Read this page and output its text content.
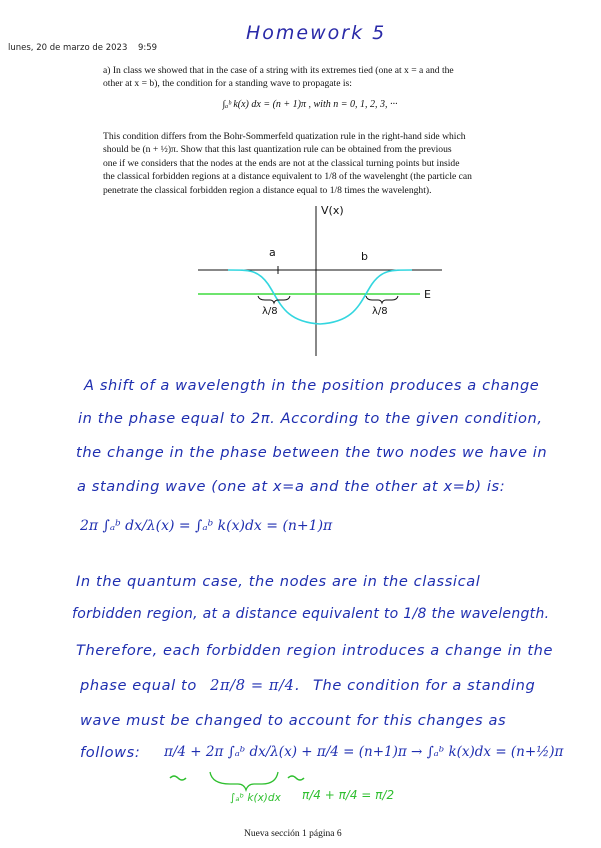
lunes, 20 de marzo de 2023 9:59
Homework 5
a) In class we showed that in the case of a string with its extremes tied (one at x = a and the
other at x = b), the condition for a standing wave to propagate is:
∫ₐᵇ k(x) dx = (n + 1)π , with n = 0, 1, 2, 3, ···
This condition differs from the Bohr-Sommerfeld quatization rule in the right-hand side which
should be (n + ½)π. Show that this last quantization rule can be obtained from the previous
one if we considers that the nodes at the ends are not at the classical turning points but inside
the classical forbidden regions at a distance equivalent to 1/8 of the wavelenght (the particle can
penetrate the classical forbidden region a distance equal to 1/8 times the wavelenght).
V(x)
a	b
E
λ/8	λ/8
A shift of a wavelength in the position produces a change
in the phase equal to 2π. According to the given condition,
the change in the phase between the two nodes we have in
a standing wave (one at x=a and the other at x=b) is:
2π ∫ₐᵇ dx/λ(x) = ∫ₐᵇ k(x)dx = (n+1)π
In the quantum case, the nodes are in the classical
forbidden region, at a distance equivalent to 1/8 the wavelength.
Therefore, each forbidden region introduces a change in the
phase equal to 2π/8 = π/4. The condition for a standing
wave must be changed to account for this changes as
follows: π/4 + 2π ∫ₐᵇ dx/λ(x) + π/4 = (n+1)π → ∫ₐᵇ k(x)dx = (n+½)π
∫ₐᵇ k(x)dx π/4 + π/4 = π/2
Nueva sección 1 página 6
